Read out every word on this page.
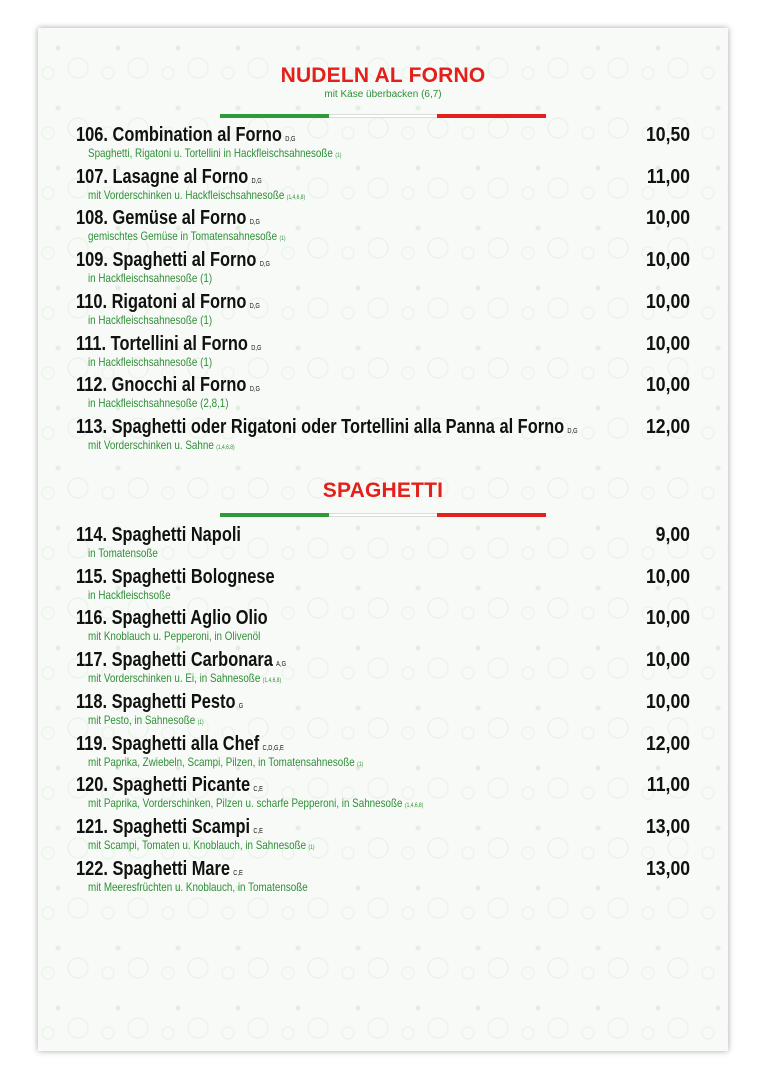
NUDELN AL FORNO
mit Käse überbacken (6,7)
106. Combination al Forno D,G
Spaghetti, Rigatoni u. Tortellini in Hackfleischsahnesoße (1)
10,50
107. Lasagne al Forno D,G
mit Vorderschinken u. Hackfleischsahnesoße (1,4,6,8)
11,00
108. Gemüse al Forno D,G
gemischtes Gemüse in Tomatensahnesoße (1)
10,00
109. Spaghetti al Forno D,G
in Hackfleischsahnesoße (1)
10,00
110. Rigatoni al Forno D,G
in Hackfleischsahnesoße (1)
10,00
111. Tortellini al Forno D,G
in Hackfleischsahnesoße (1)
10,00
112. Gnocchi al Forno D,G
in Hackfleischsahnesoße (2,8,1)
10,00
113. Spaghetti oder Rigatoni oder Tortellini alla Panna al Forno D,G
mit Vorderschinken u. Sahne (1,4,6,8)
12,00
SPAGHETTI
114. Spaghetti Napoli
in Tomatensoße
9,00
115. Spaghetti Bolognese
in Hackfleischsoße
10,00
116. Spaghetti Aglio Olio
mit Knoblauch u. Pepperoni, in Olivenöl
10,00
117. Spaghetti Carbonara A,G
mit Vorderschinken u. Ei, in Sahnesoße (1,4,6,8)
10,00
118. Spaghetti Pesto G
mit Pesto, in Sahnesoße (1)
10,00
119. Spaghetti alla Chef C,D,G,E
mit Paprika, Zwiebeln, Scampi, Pilzen, in Tomatensahnesoße (1)
12,00
120. Spaghetti Picante C,E
mit Paprika, Vorderschinken, Pilzen u. scharfe Pepperoni, in Sahnesoße (1,4,6,8)
11,00
121. Spaghetti Scampi C,E
mit Scampi, Tomaten u. Knoblauch, in Sahnesoße (1)
13,00
122. Spaghetti Mare C,E
mit Meeresfrüchten u. Knoblauch, in Tomatensoße
13,00
